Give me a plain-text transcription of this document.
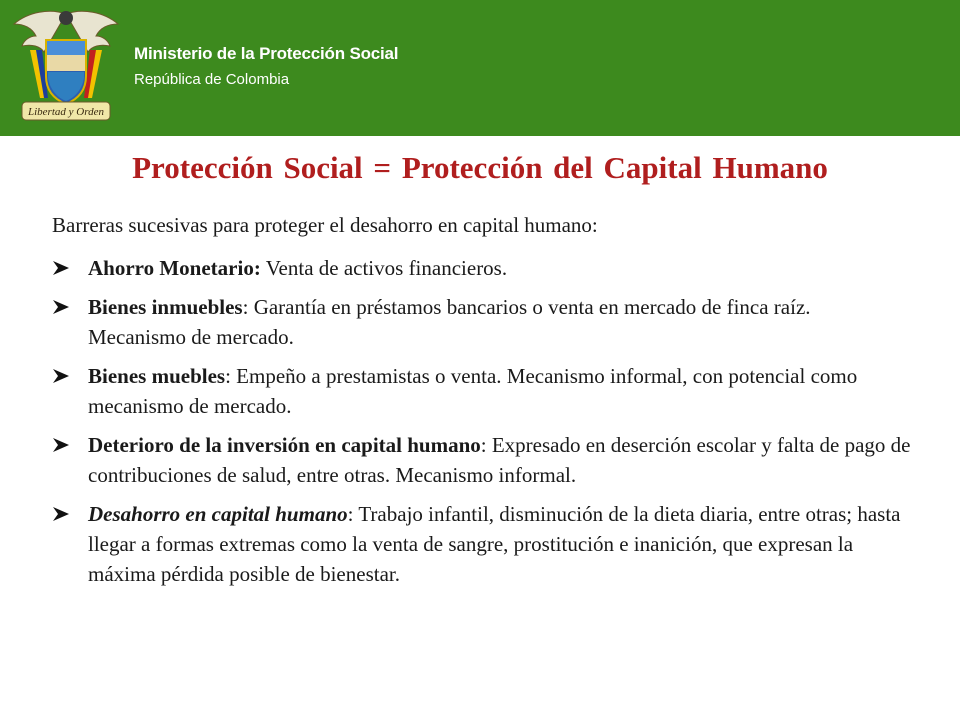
Libertad y Orden
Ministerio de la Protección Social
República de Colombia
Protección Social = Protección del Capital Humano
Barreras sucesivas para proteger el desahorro en capital humano:
Ahorro Monetario: Venta de activos financieros.
Bienes inmuebles: Garantía en préstamos bancarios o venta en mercado de finca raíz. Mecanismo de mercado.
Bienes muebles: Empeño a prestamistas o venta. Mecanismo informal, con potencial como mecanismo de mercado.
Deterioro de la inversión en capital humano: Expresado en deserción escolar y falta de pago de contribuciones de salud, entre otras. Mecanismo informal.
Desahorro en capital humano: Trabajo infantil, disminución de la dieta diaria, entre otras; hasta llegar a formas extremas como la venta de sangre, prostitución e inanición, que expresan la máxima pérdida posible de bienestar.
